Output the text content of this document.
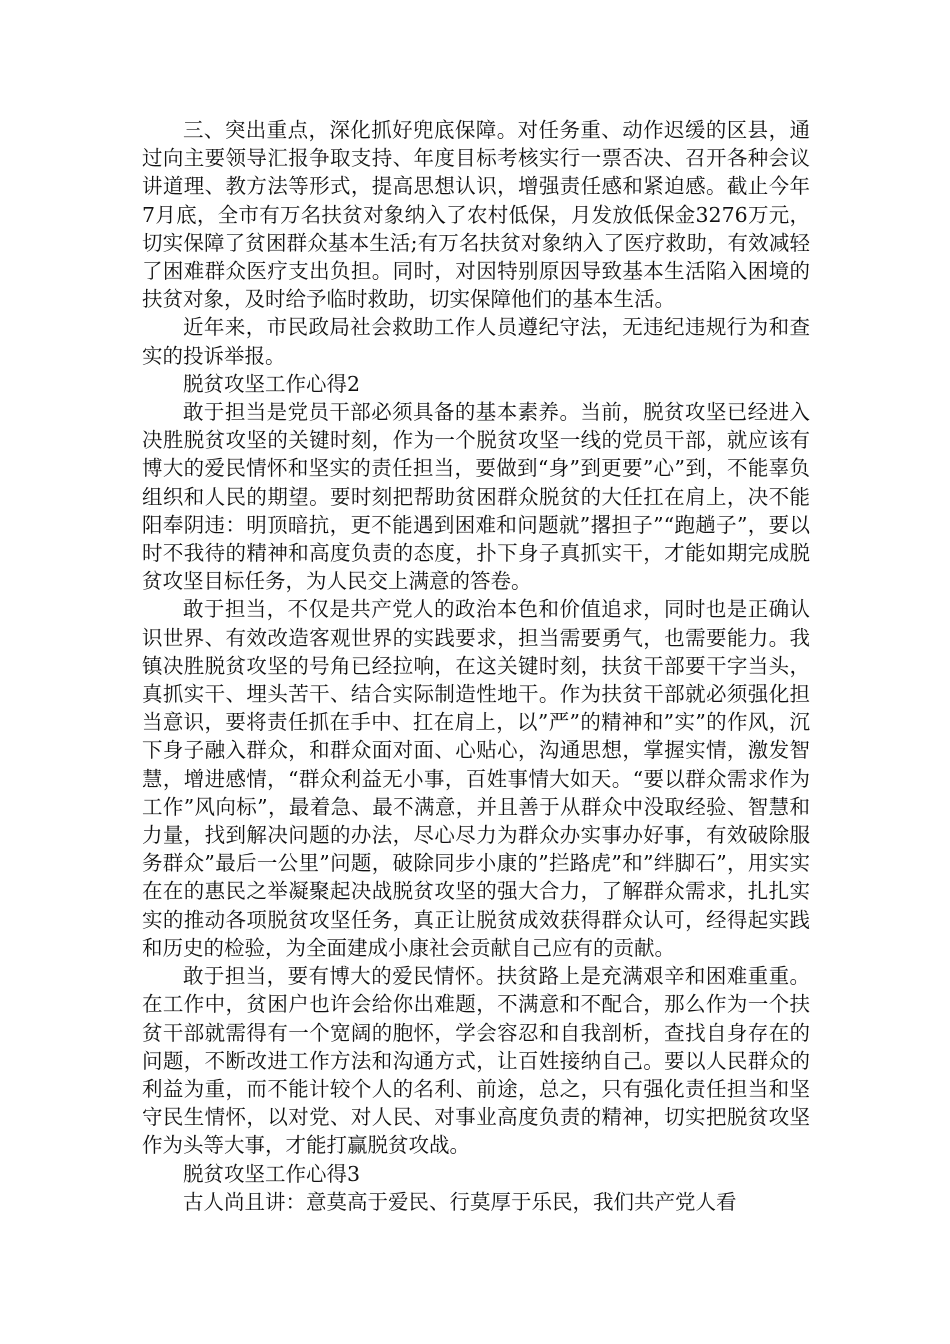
三、突出重点，深化抓好兜底保障。对任务重、动作迟缓的区县，通过向主要领导汇报争取支持、年度目标考核实行一票否决、召开各种会议讲道理、教方法等形式，提高思想认识，增强责任感和紧迫感。截止今年7月底，全市有万名扶贫对象纳入了农村低保，月发放低保金3276万元，切实保障了贫困群众基本生活;有万名扶贫对象纳入了医疗救助，有效减轻了困难群众医疗支出负担。同时，对因特别原因导致基本生活陷入困境的扶贫对象，及时给予临时救助，切实保障他们的基本生活。

近年来，市民政局社会救助工作人员遵纪守法，无违纪违规行为和查实的投诉举报。

脱贫攻坚工作心得2

敢于担当是党员干部必须具备的基本素养。当前，脱贫攻坚已经进入决胜脱贫攻坚的关键时刻，作为一个脱贫攻坚一线的党员干部，就应该有博大的爱民情怀和坚实的责任担当，要做到“身”到更要”心”到，不能辜负组织和人民的期望。要时刻把帮助贫困群众脱贫的大任扛在肩上，决不能阳奉阴违：明顶暗抗，更不能遇到困难和问题就”撂担子”“跑趟子”，要以时不我待的精神和高度负责的态度，扑下身子真抓实干，才能如期完成脱贫攻坚目标任务，为人民交上满意的答卷。

敢于担当，不仅是共产党人的政治本色和价值追求，同时也是正确认识世界、有效改造客观世界的实践要求，担当需要勇气，也需要能力。我镇决胜脱贫攻坚的号角已经拉响，在这关键时刻，扶贫干部要干字当头，真抓实干、埋头苦干、结合实际制造性地干。作为扶贫干部就必须强化担当意识，要将责任抓在手中、扛在肩上，以”严”的精神和”实”的作风，沉下身子融入群众，和群众面对面、心贴心，沟通思想，掌握实情，激发智慧，增进感情，“群众利益无小事，百姓事情大如天。“要以群众需求作为工作”风向标”，最着急、最不满意，并且善于从群众中没取经验、智慧和力量，找到解决问题的办法，尽心尽力为群众办实事办好事，有效破除服务群众”最后一公里”问题，破除同步小康的”拦路虎”和”绊脚石”，用实实在在的惠民之举凝聚起决战脱贫攻坚的强大合力，了解群众需求，扎扎实实的推动各项脱贫攻坚任务，真正让脱贫成效获得群众认可，经得起实践和历史的检验，为全面建成小康社会贡献自己应有的贡献。

敢于担当，要有博大的爱民情怀。扶贫路上是充满艰辛和困难重重。在工作中，贫困户也许会给你出难题，不满意和不配合，那么作为一个扶贫干部就需得有一个宽阔的胞怀，学会容忍和自我剖析，查找自身存在的问题，不断改进工作方法和沟通方式，让百姓接纳自己。要以人民群众的利益为重，而不能计较个人的名利、前途，总之，只有强化责任担当和坚守民生情怀，以对党、对人民、对事业高度负责的精神，切实把脱贫攻坚作为头等大事，才能打赢脱贫攻战。

脱贫攻坚工作心得3

古人尚且讲：意莫高于爱民、行莫厚于乐民，我们共产党人看
